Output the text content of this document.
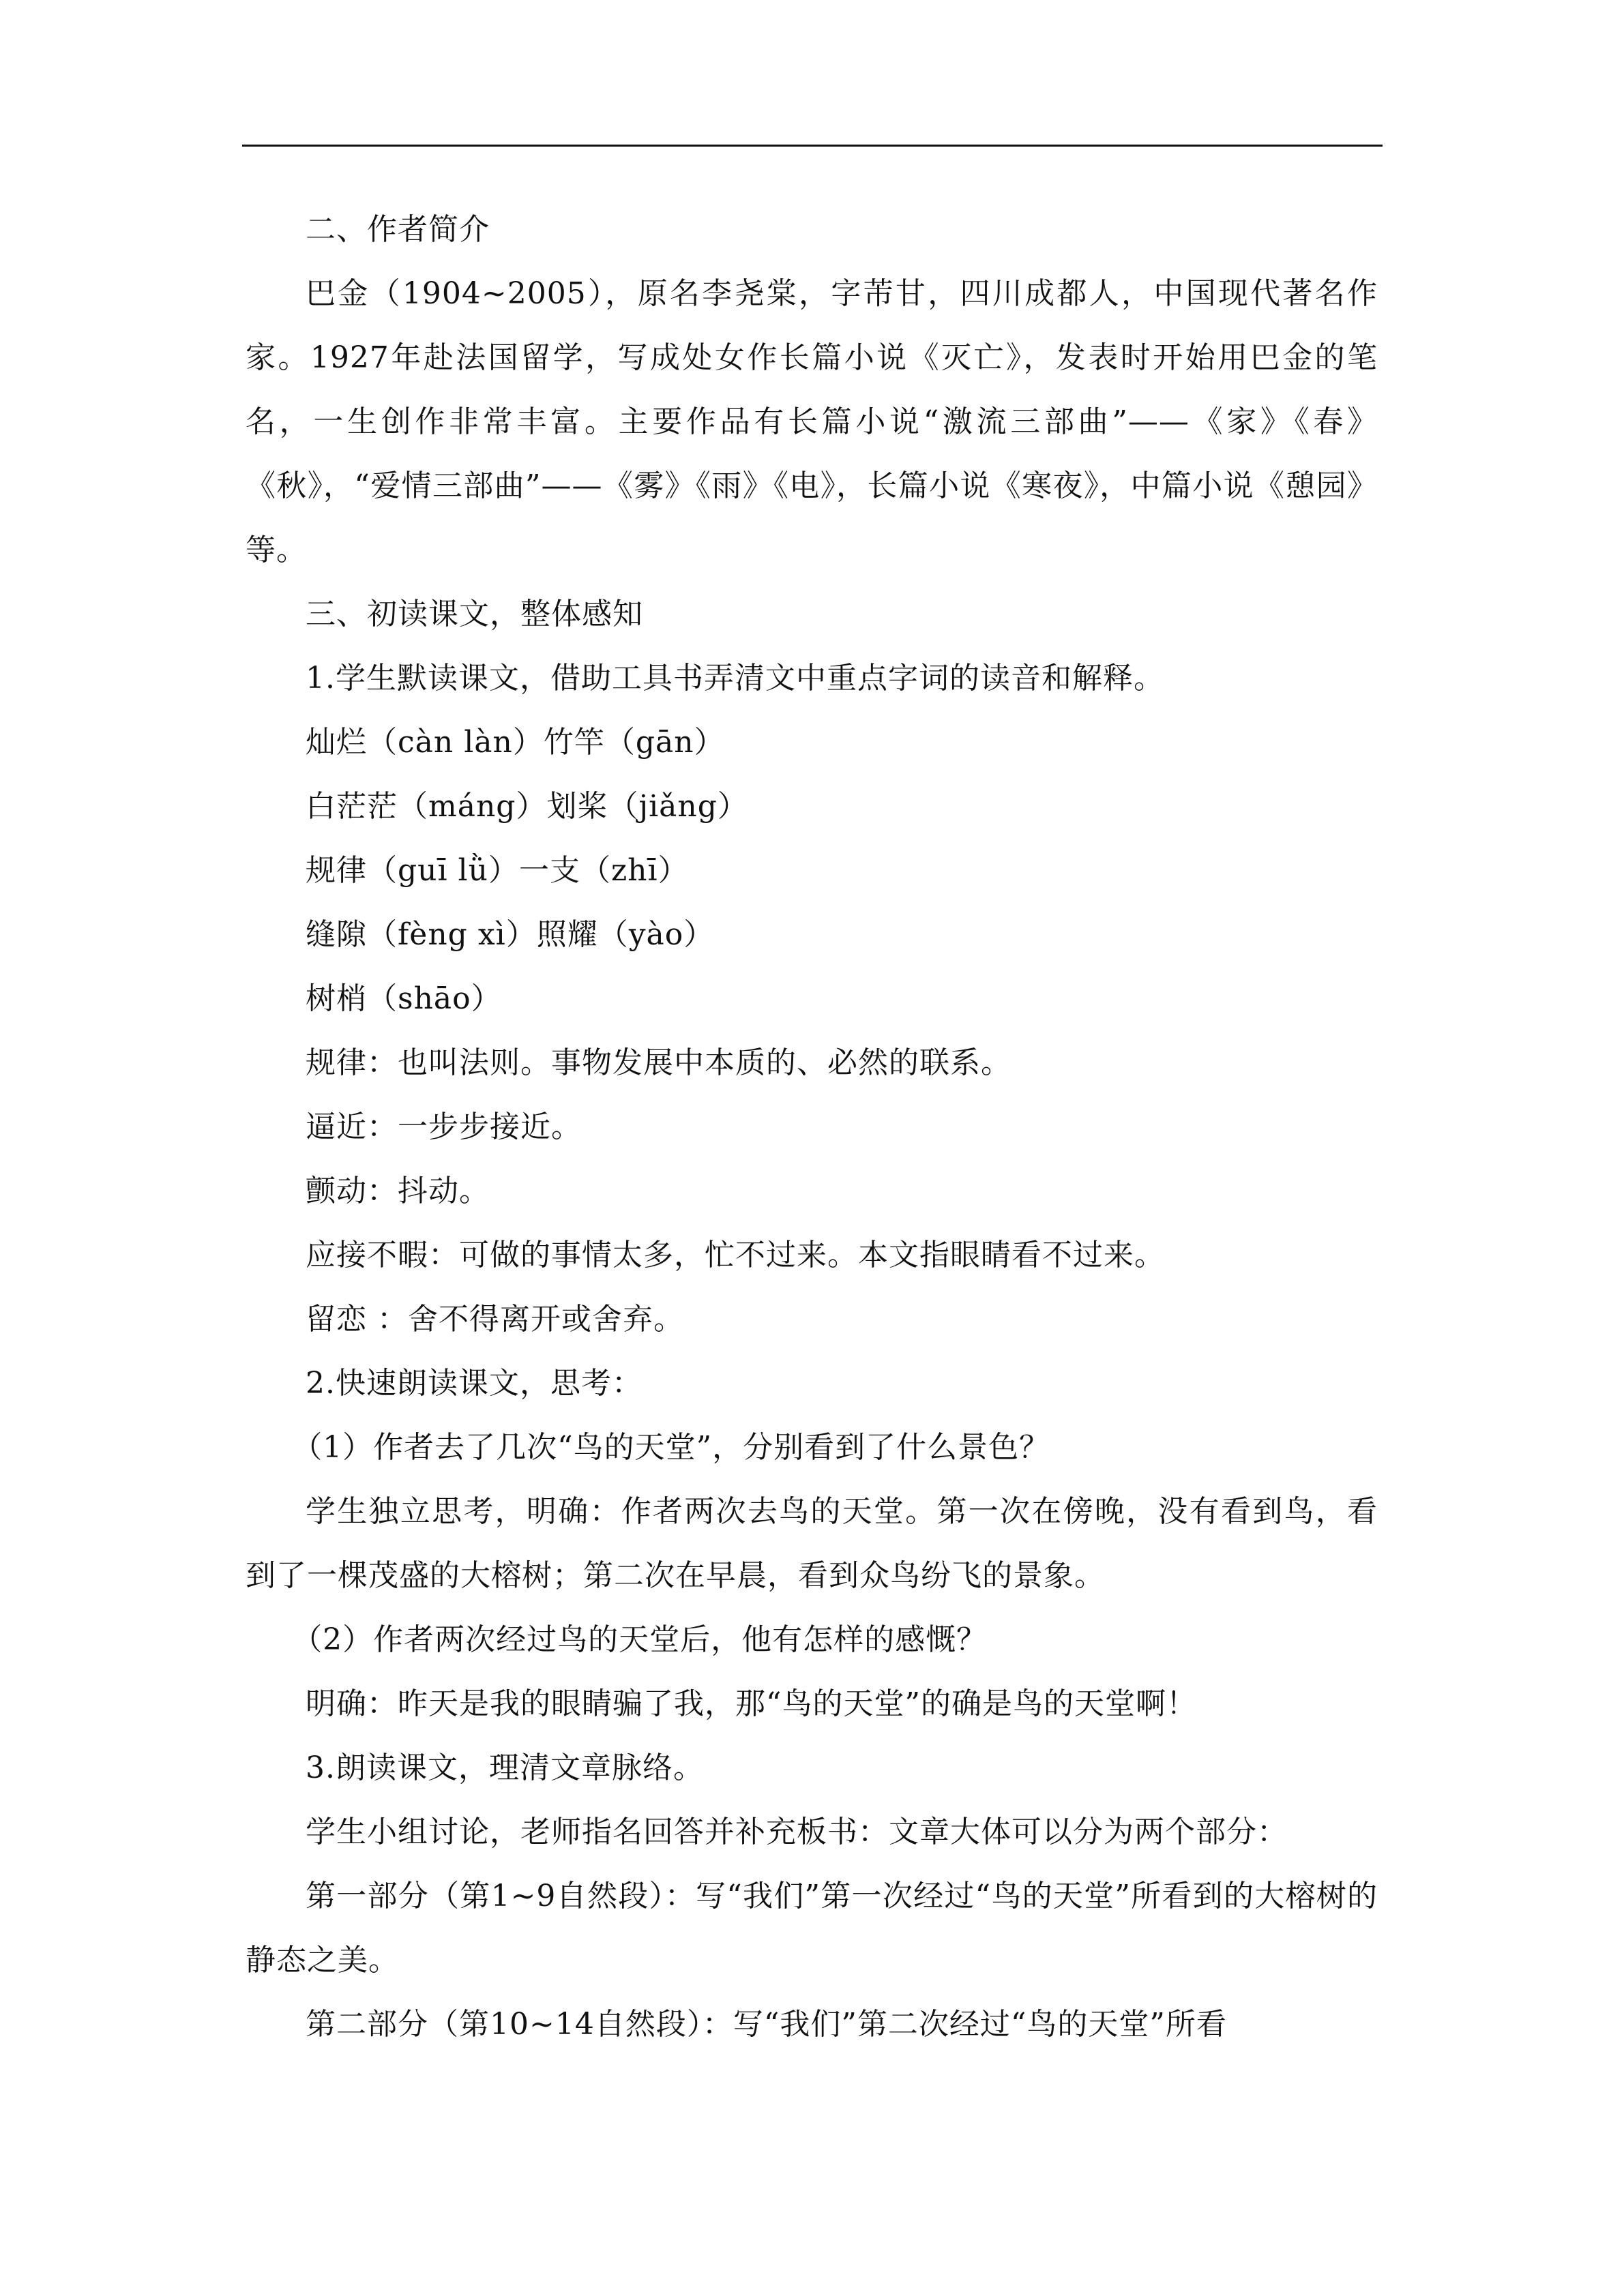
二、作者简介

巴金（1904~2005），原名李尧棠，字芾甘，四川成都人，中国现代著名作家。1927年赴法国留学，写成处女作长篇小说《灭亡》，发表时开始用巴金的笔名，一生创作非常丰富。主要作品有长篇小说“激流三部曲”——《家》《春》《秋》，“爱情三部曲”——《雾》《雨》《电》，长篇小说《寒夜》，中篇小说《憩园》等。

三、初读课文，整体感知

1.学生默读课文，借助工具书弄清文中重点字词的读音和解释。

灿烂（càn làn）竹竿（gān）

白茫茫（máng）划桨（jiǎng）

规律（guī lǜ）一支（zhī）

缝隙（fèng xì）照耀（yào）

树梢（shāo）

规律：也叫法则。事物发展中本质的、必然的联系。

逼近：一步步接近。

颤动：抖动。

应接不暇：可做的事情太多，忙不过来。本文指眼睛看不过来。

留恋 ：舍不得离开或舍弃。

2.快速朗读课文，思考：

（1）作者去了几次“鸟的天堂”，分别看到了什么景色？

学生独立思考，明确：作者两次去鸟的天堂。第一次在傍晚，没有看到鸟，看到了一棵茂盛的大榕树；第二次在早晨，看到众鸟纷飞的景象。

（2）作者两次经过鸟的天堂后，他有怎样的感慨？

明确：昨天是我的眼睛骗了我，那“鸟的天堂”的确是鸟的天堂啊！

3.朗读课文，理清文章脉络。

学生小组讨论，老师指名回答并补充板书：文章大体可以分为两个部分：

第一部分（第1~9自然段）：写“我们”第一次经过“鸟的天堂”所看到的大榕树的静态之美。

第二部分（第10~14自然段）：写“我们”第二次经过“鸟的天堂”所看
